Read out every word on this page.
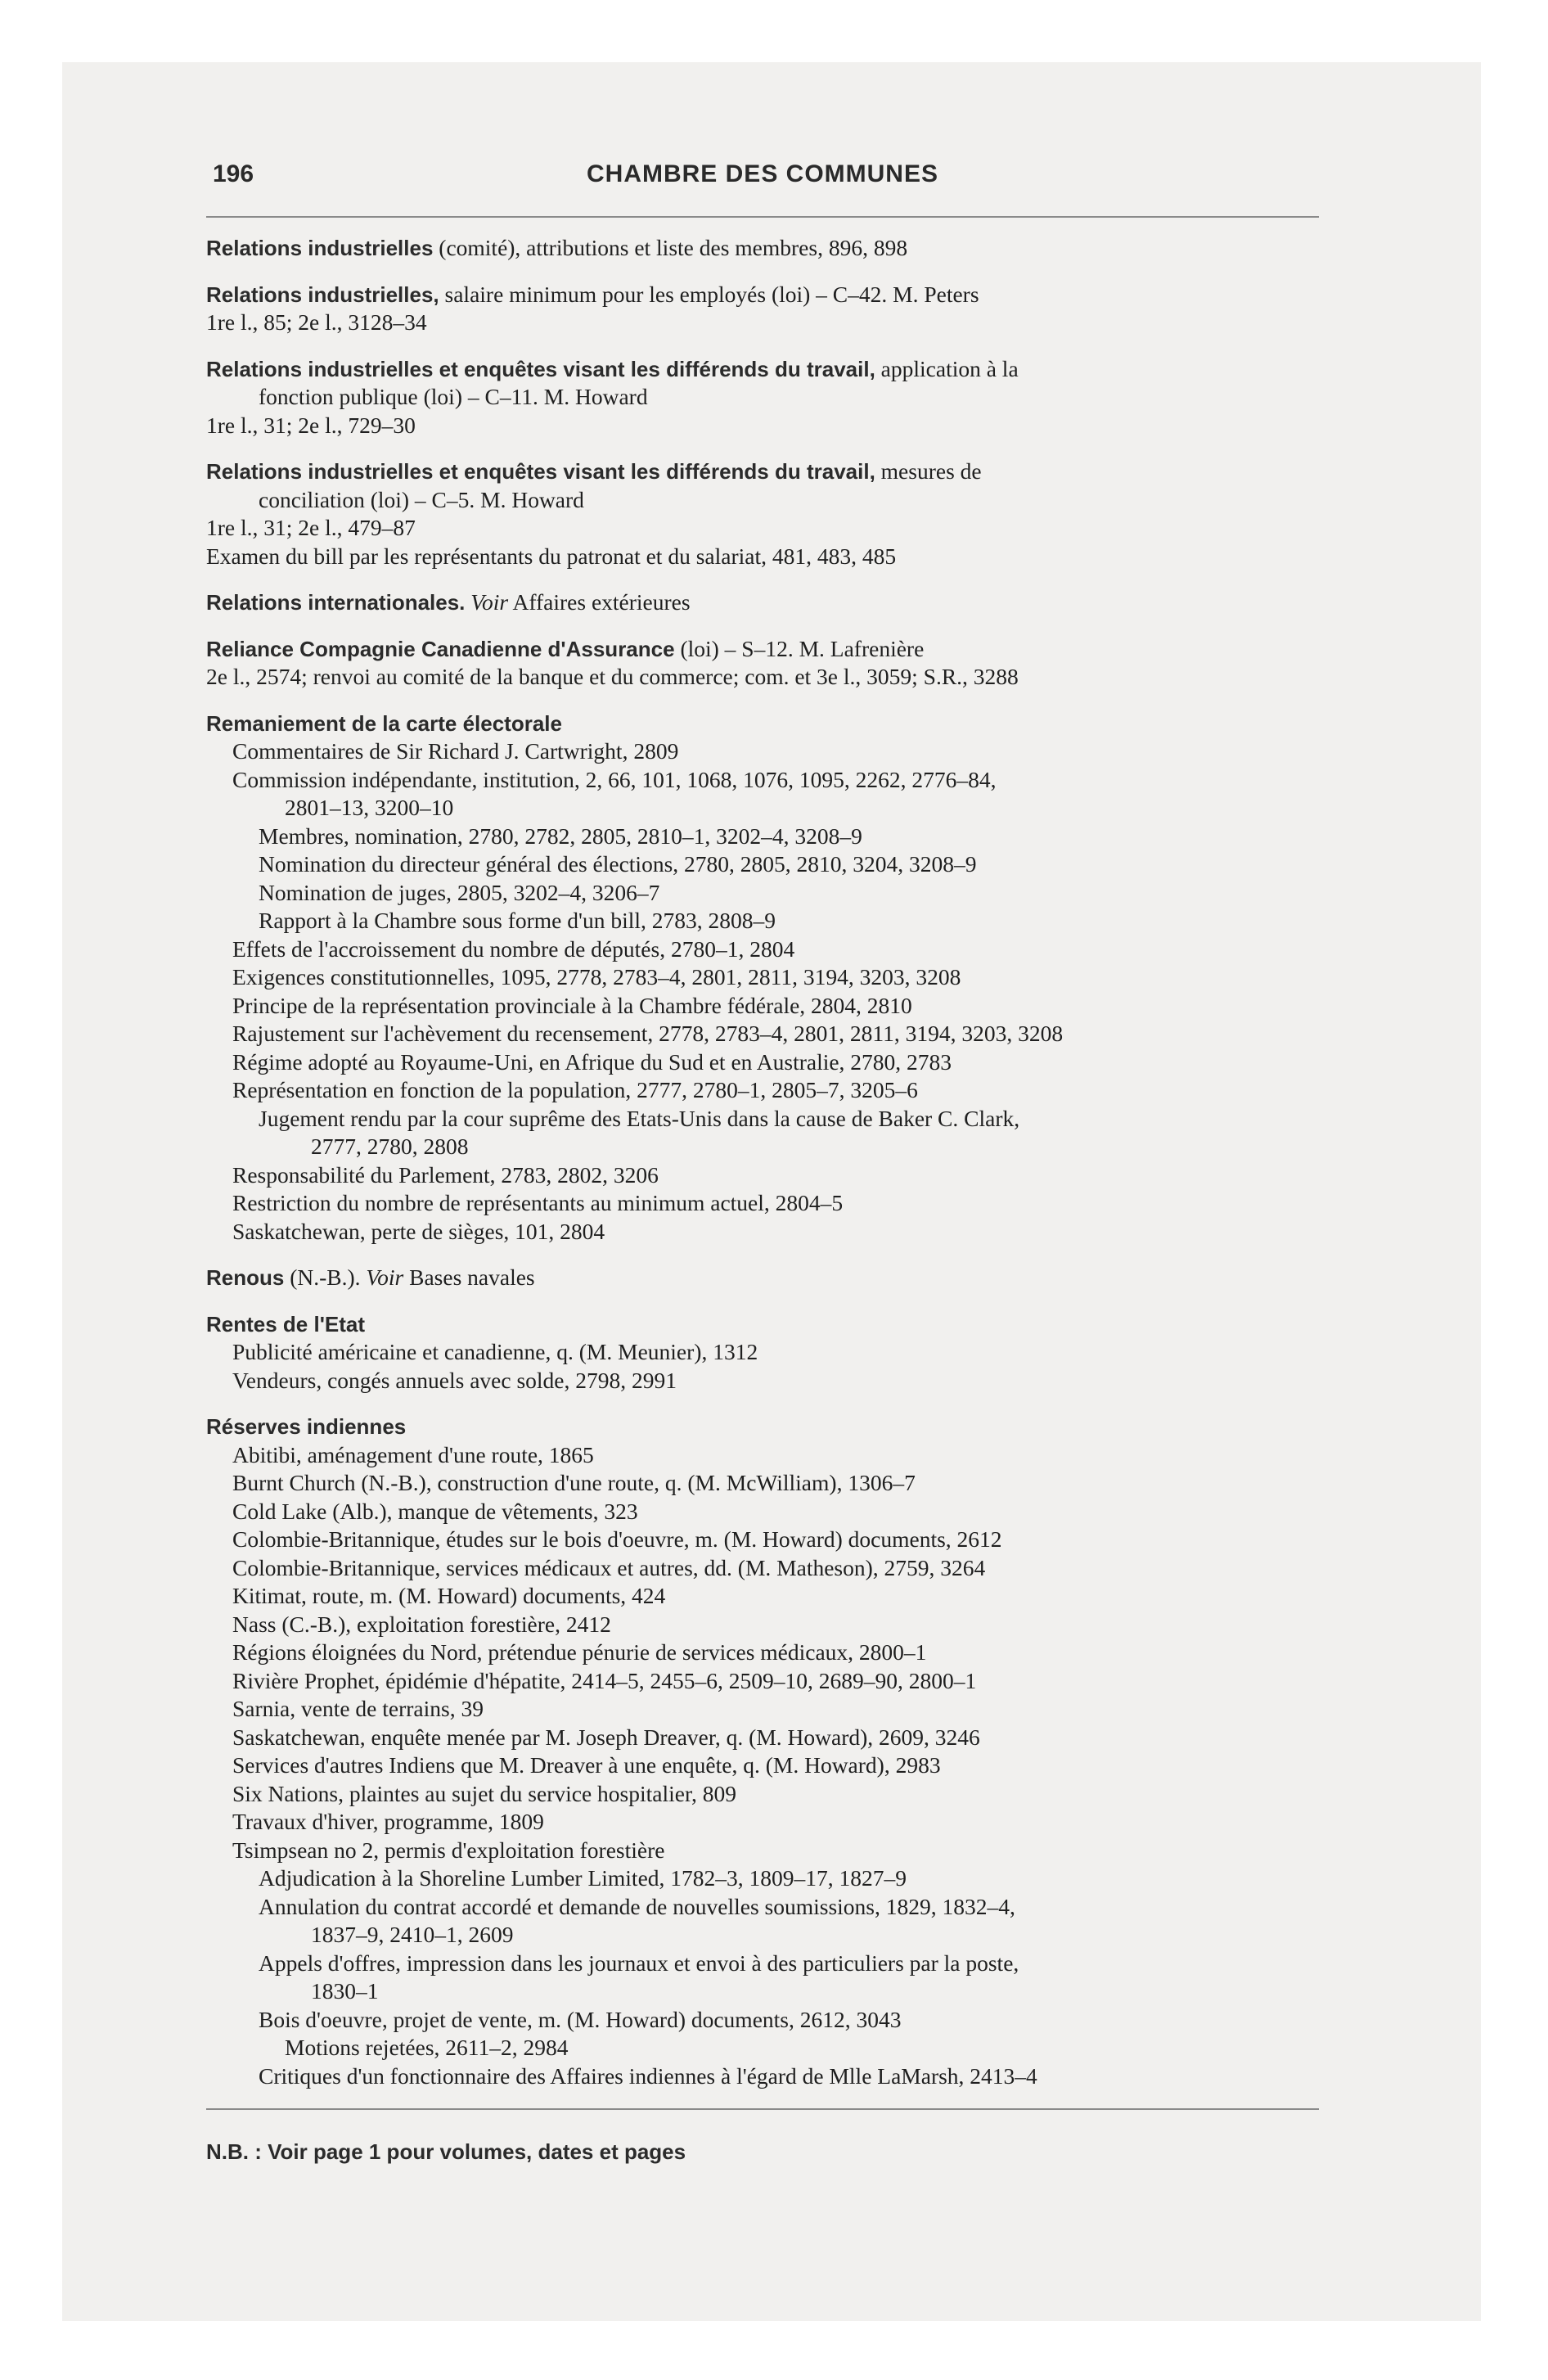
196	CHAMBRE DES COMMUNES
Relations industrielles (comité), attributions et liste des membres, 896, 898
Relations industrielles, salaire minimum pour les employés (loi) – C–42. M. Peters
1re l., 85; 2e l., 3128–34
Relations industrielles et enquêtes visant les différends du travail, application à la
fonction publique (loi) – C–11. M. Howard
1re l., 31; 2e l., 729–30
Relations industrielles et enquêtes visant les différends du travail, mesures de
conciliation (loi) – C–5. M. Howard
1re l., 31; 2e l., 479–87
Examen du bill par les représentants du patronat et du salariat, 481, 483, 485
Relations internationales. Voir Affaires extérieures
Reliance Compagnie Canadienne d'Assurance (loi) – S–12. M. Lafrenière
2e l., 2574; renvoi au comité de la banque et du commerce; com. et 3e l., 3059; S.R., 3288
Remaniement de la carte électorale
Commentaires de Sir Richard J. Cartwright, 2809
Commission indépendante, institution, 2, 66, 101, 1068, 1076, 1095, 2262, 2776–84,
2801–13, 3200–10
Membres, nomination, 2780, 2782, 2805, 2810–1, 3202–4, 3208–9
Nomination du directeur général des élections, 2780, 2805, 2810, 3204, 3208–9
Nomination de juges, 2805, 3202–4, 3206–7
Rapport à la Chambre sous forme d'un bill, 2783, 2808–9
Effets de l'accroissement du nombre de députés, 2780–1, 2804
Exigences constitutionnelles, 1095, 2778, 2783–4, 2801, 2811, 3194, 3203, 3208
Principe de la représentation provinciale à la Chambre fédérale, 2804, 2810
Rajustement sur l'achèvement du recensement, 2778, 2783–4, 2801, 2811, 3194, 3203, 3208
Régime adopté au Royaume-Uni, en Afrique du Sud et en Australie, 2780, 2783
Représentation en fonction de la population, 2777, 2780–1, 2805–7, 3205–6
Jugement rendu par la cour suprême des Etats-Unis dans la cause de Baker C. Clark,
2777, 2780, 2808
Responsabilité du Parlement, 2783, 2802, 3206
Restriction du nombre de représentants au minimum actuel, 2804–5
Saskatchewan, perte de sièges, 101, 2804
Renous (N.-B.). Voir Bases navales
Rentes de l'Etat
Publicité américaine et canadienne, q. (M. Meunier), 1312
Vendeurs, congés annuels avec solde, 2798, 2991
Réserves indiennes
Abitibi, aménagement d'une route, 1865
Burnt Church (N.-B.), construction d'une route, q. (M. McWilliam), 1306–7
Cold Lake (Alb.), manque de vêtements, 323
Colombie-Britannique, études sur le bois d'oeuvre, m. (M. Howard) documents, 2612
Colombie-Britannique, services médicaux et autres, dd. (M. Matheson), 2759, 3264
Kitimat, route, m. (M. Howard) documents, 424
Nass (C.-B.), exploitation forestière, 2412
Régions éloignées du Nord, prétendue pénurie de services médicaux, 2800–1
Rivière Prophet, épidémie d'hépatite, 2414–5, 2455–6, 2509–10, 2689–90, 2800–1
Sarnia, vente de terrains, 39
Saskatchewan, enquête menée par M. Joseph Dreaver, q. (M. Howard), 2609, 3246
Services d'autres Indiens que M. Dreaver à une enquête, q. (M. Howard), 2983
Six Nations, plaintes au sujet du service hospitalier, 809
Travaux d'hiver, programme, 1809
Tsimpsean no 2, permis d'exploitation forestière
Adjudication à la Shoreline Lumber Limited, 1782–3, 1809–17, 1827–9
Annulation du contrat accordé et demande de nouvelles soumissions, 1829, 1832–4,
1837–9, 2410–1, 2609
Appels d'offres, impression dans les journaux et envoi à des particuliers par la poste,
1830–1
Bois d'oeuvre, projet de vente, m. (M. Howard) documents, 2612, 3043
Motions rejetées, 2611–2, 2984
Critiques d'un fonctionnaire des Affaires indiennes à l'égard de Mlle LaMarsh, 2413–4
N.B. : Voir page 1 pour volumes, dates et pages
